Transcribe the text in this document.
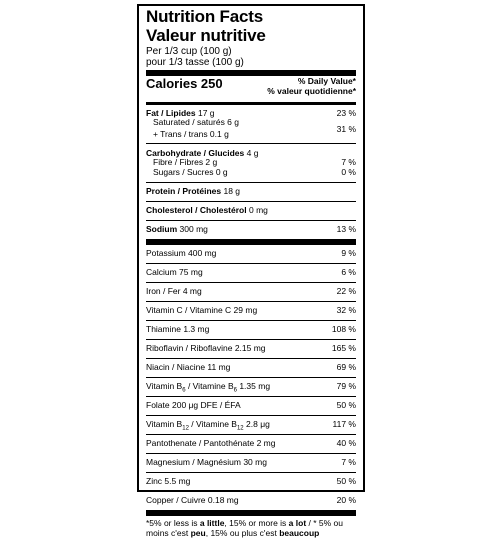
Nutrition Facts
Valeur nutritive
Per 1/3 cup (100 g)
pour 1/3 tasse (100 g)
Calories 250	% Daily Value*
% valeur quotidienne*
Fat / Lipides 17 g	23 %
Saturated / saturés 6 g
+ Trans / trans 0.1 g	31 %
Carbohydrate / Glucides 4 g
Fibre / Fibres 2 g	7 %
Sugars / Sucres 0 g	0 %
Protein / Protéines 18 g
Cholesterol / Cholestérol 0 mg
Sodium 300 mg	13 %
Potassium 400 mg	9 %
Calcium 75 mg	6 %
Iron / Fer 4 mg	22 %
Vitamin C / Vitamine C 29 mg	32 %
Thiamine 1.3 mg	108 %
Riboflavin / Riboflavine 2.15 mg	165 %
Niacin / Niacine 11 mg	69 %
Vitamin $B_6$ / Vitamine $B_6$ 1.35 mg	79 %
Folate 200 μg DFE / ÉFA	50 %
Vitamin $B_{12}$ / Vitamine $B_{12}$ 2.8 μg	117 %
Pantothenate / Pantothénate 2 mg	40 %
Magnesium / Magnésium 30 mg	7 %
Zinc 5.5 mg	50 %
Copper / Cuivre 0.18 mg	20 %
*5% or less is a little, 15% or more is a lot / * 5% ou moins c'est peu, 15% ou plus c'est beaucoup
